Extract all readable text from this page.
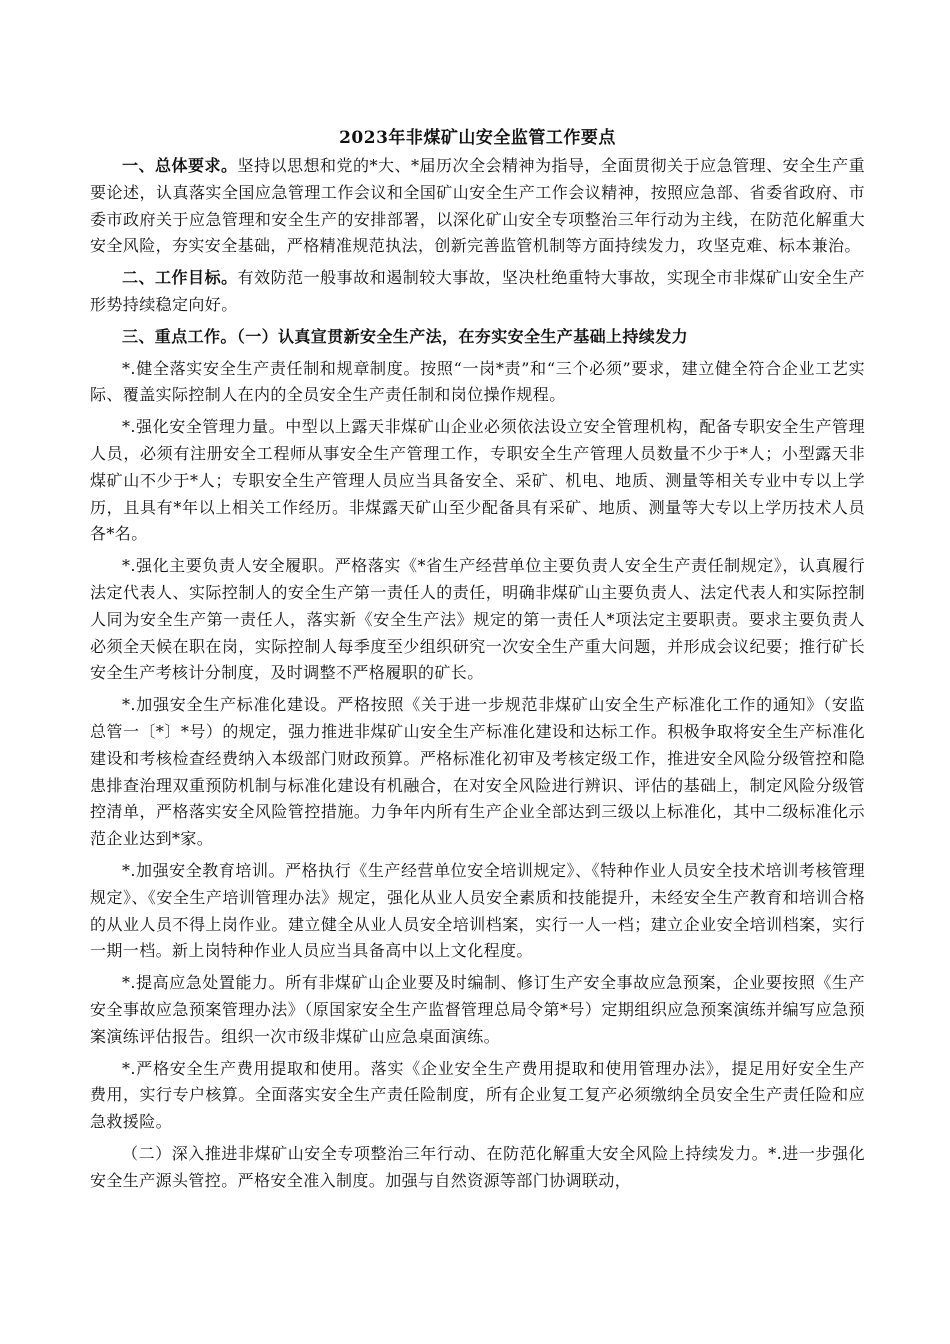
2023年非煤矿山安全监管工作要点

一、总体要求。坚持以思想和党的*大、*届历次全会精神为指导，全面贯彻关于应急管理、安全生产重要论述，认真落实全国应急管理工作会议和全国矿山安全生产工作会议精神，按照应急部、省委省政府、市委市政府关于应急管理和安全生产的安排部署，以深化矿山安全专项整治三年行动为主线，在防范化解重大安全风险，夯实安全基础，严格精准规范执法，创新完善监管机制等方面持续发力，攻坚克难、标本兼治。

二、工作目标。有效防范一般事故和遏制较大事故，坚决杜绝重特大事故，实现全市非煤矿山安全生产形势持续稳定向好。

三、重点工作。（一）认真宣贯新安全生产法，在夯实安全生产基础上持续发力

*.健全落实安全生产责任制和规章制度。按照“一岗*责”和“三个必须”要求，建立健全符合企业工艺实际、覆盖实际控制人在内的全员安全生产责任制和岗位操作规程。

*.强化安全管理力量。中型以上露天非煤矿山企业必须依法设立安全管理机构，配备专职安全生产管理人员，必须有注册安全工程师从事安全生产管理工作，专职安全生产管理人员数量不少于*人；小型露天非煤矿山不少于*人；专职安全生产管理人员应当具备安全、采矿、机电、地质、测量等相关专业中专以上学历，且具有*年以上相关工作经历。非煤露天矿山至少配备具有采矿、地质、测量等大专以上学历技术人员各*名。

*.强化主要负责人安全履职。严格落实《*省生产经营单位主要负责人安全生产责任制规定》，认真履行法定代表人、实际控制人的安全生产第一责任人的责任，明确非煤矿山主要负责人、法定代表人和实际控制人同为安全生产第一责任人，落实新《安全生产法》规定的第一责任人*项法定主要职责。要求主要负责人必须全天候在职在岗，实际控制人每季度至少组织研究一次安全生产重大问题，并形成会议纪要；推行矿长安全生产考核计分制度，及时调整不严格履职的矿长。

*.加强安全生产标准化建设。严格按照《关于进一步规范非煤矿山安全生产标准化工作的通知》（安监总管一〔*〕*号）的规定，强力推进非煤矿山安全生产标准化建设和达标工作。积极争取将安全生产标准化建设和考核检查经费纳入本级部门财政预算。严格标准化初审及考核定级工作，推进安全风险分级管控和隐患排查治理双重预防机制与标准化建设有机融合，在对安全风险进行辨识、评估的基础上，制定风险分级管控清单，严格落实安全风险管控措施。力争年内所有生产企业全部达到三级以上标准化，其中二级标准化示范企业达到*家。

*.加强安全教育培训。严格执行《生产经营单位安全培训规定》、《特种作业人员安全技术培训考核管理规定》、《安全生产培训管理办法》规定，强化从业人员安全素质和技能提升，未经安全生产教育和培训合格的从业人员不得上岗作业。建立健全从业人员安全培训档案，实行一人一档；建立企业安全培训档案，实行一期一档。新上岗特种作业人员应当具备高中以上文化程度。

*.提高应急处置能力。所有非煤矿山企业要及时编制、修订生产安全事故应急预案，企业要按照《生产安全事故应急预案管理办法》（原国家安全生产监督管理总局令第*号）定期组织应急预案演练并编写应急预案演练评估报告。组织一次市级非煤矿山应急桌面演练。

*.严格安全生产费用提取和使用。落实《企业安全生产费用提取和使用管理办法》，提足用好安全生产费用，实行专户核算。全面落实安全生产责任险制度，所有企业复工复产必须缴纳全员安全生产责任险和应急救援险。

（二）深入推进非煤矿山安全专项整治三年行动、在防范化解重大安全风险上持续发力。*.进一步强化安全生产源头管控。严格安全准入制度。加强与自然资源等部门协调联动，
